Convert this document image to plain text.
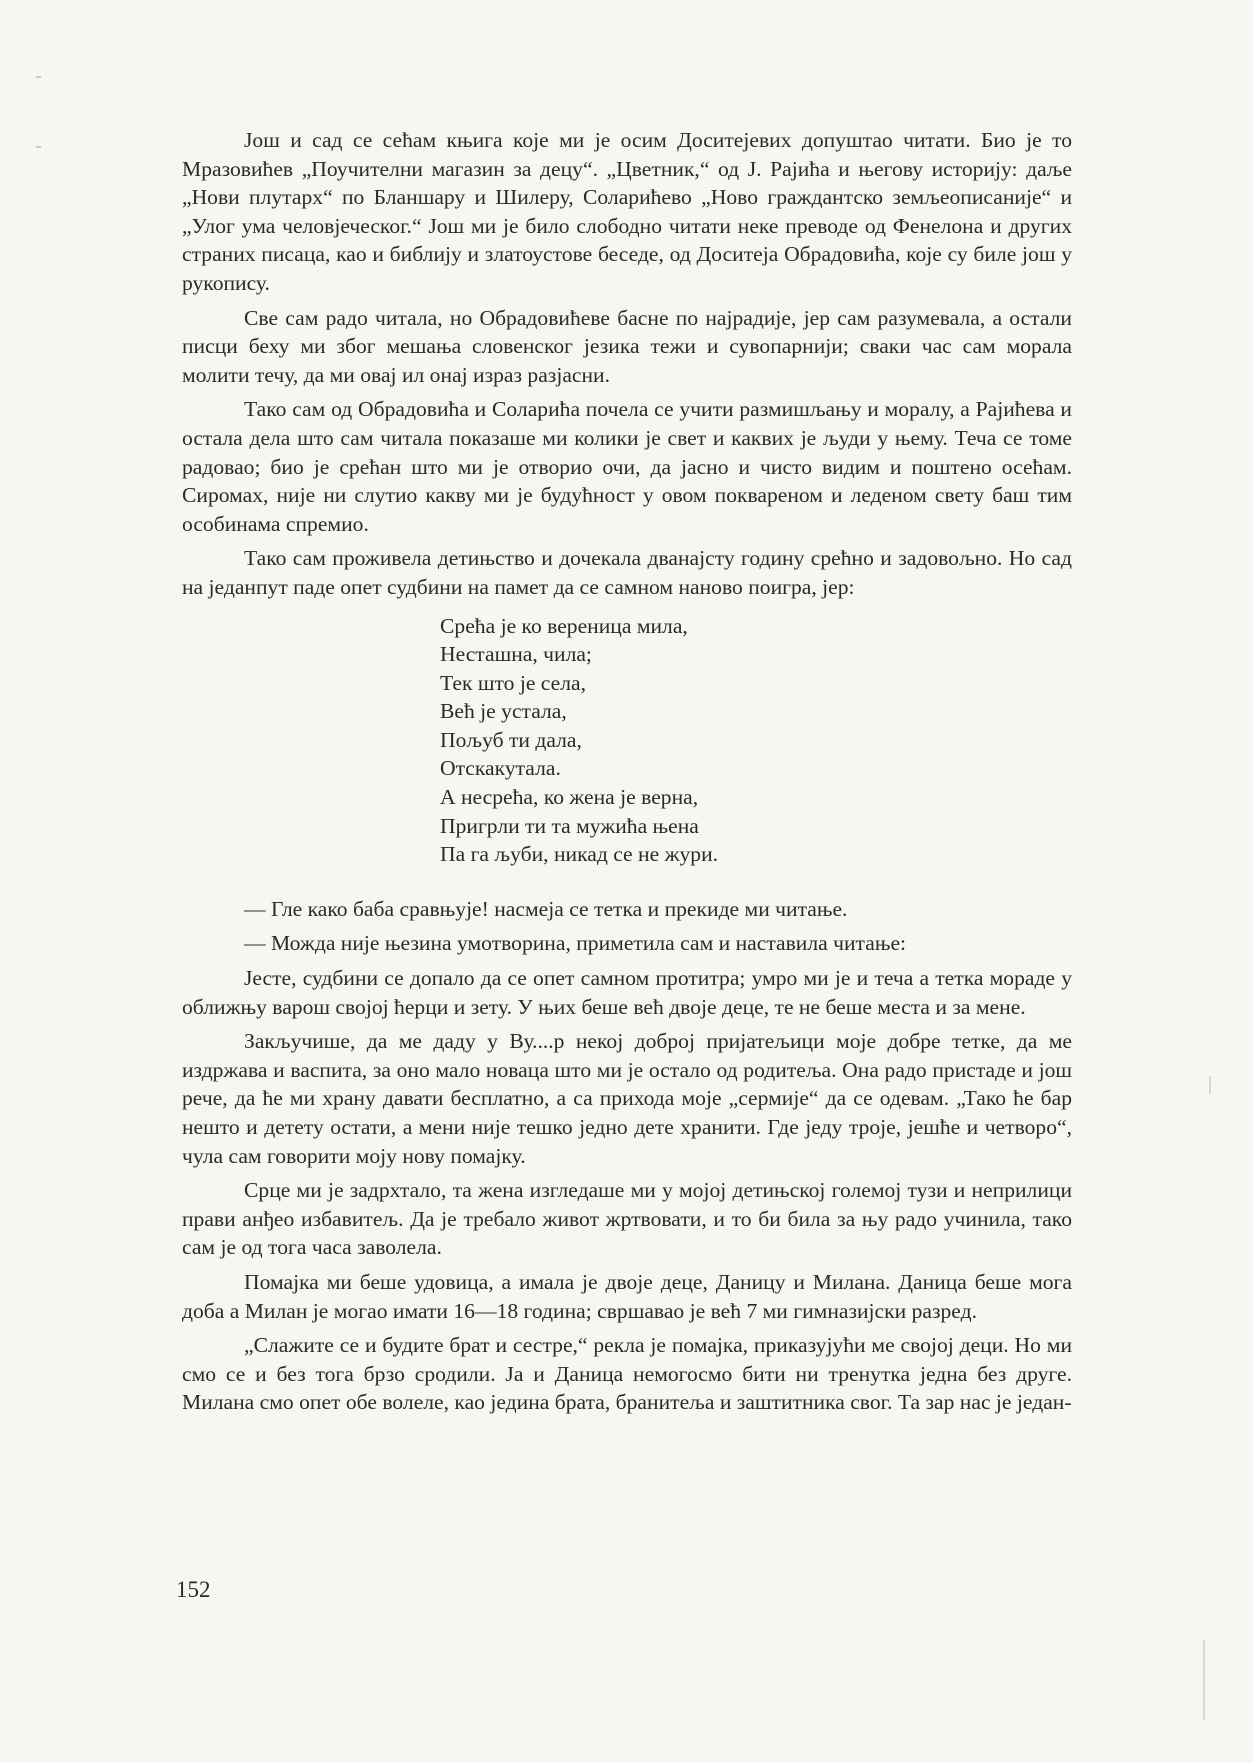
Још и сад се сећам књига које ми је осим Доситејевих допуштао читати. Био је то Мразовићев „Поучителни магазин за децу“. „Цветник,“ од Ј. Рајића и његову историју: даље „Нови плутарх“ по Бланшару и Шилеру, Соларићево „Ново граждантско земљеописаније“ и „Улог ума человјеческог.“ Још ми је било слободно читати неке преводе од Фенелона и других страних писаца, као и библију и златоустове беседе, од Доситеја Обрадовића, које су биле још у рукопису.

Све сам радо читала, но Обрадовићеве басне по најрадије, јер сам разумевала, а остали писци беху ми због мешања словенског језика тежи и сувопарнији; сваки час сам морала молити течу, да ми овај ил онај израз разјасни.

Тако сам од Обрадовића и Соларића почела се учити размишљању и моралу, а Рајићева и остала дела што сам читала показаше ми колики је свет и каквих је људи у њему. Теча се томе радовао; био је срећан што ми је отворио очи, да јасно и чисто видим и поштено осећам. Сиромах, није ни слутио какву ми је будућност у овом поквареном и леденом свету баш тим особинама спремио.

Тако сам проживела детињство и дочекала дванајсту годину срећно и задовољно. Но сад на једанпут паде опет судбини на памет да се самном наново поигра, јер:

Срећа је ко вереница мила,
Несташна, чила;
Тек што је села,
Већ је устала,
Пољуб ти дала,
Отскакутала.
А несрећа, ко жена је верна,
Пригрли ти та мужића њена
Па га љуби, никад се не жури.

— Гле како баба сравњује! насмеја се тетка и прекиде ми читање.

— Можда није њезина умотворина, приметила сам и наставила читање:

Јесте, судбини се допало да се опет самном протитра; умро ми је и теча а тетка мораде у оближњу варош својој ћерци и зету. У њих беше већ двоје деце, те не беше места и за мене.

Закључише, да ме даду у Ву....р некој доброј пријатељици моје добре тетке, да ме издржава и васпита, за оно мало новаца што ми је остало од родитеља. Она радо пристаде и још рече, да ће ми храну давати бесплатно, а са прихода моје „сермије“ да се одевам. „Тако ће бар нешто и детету остати, а мени није тешко једно дете хранити. Где једу троје, јешће и четворо“, чула сам говорити моју нову помајку.

Срце ми је задрхтало, та жена изгледаше ми у мојој детињској големој тузи и неприлици прави анђео избавитељ. Да је требало живот жртвовати, и то би била за њу радо учинила, тако сам је од тога часа заволела.

Помајка ми беше удовица, а имала је двоје деце, Даницу и Милана. Даница беше мога доба а Милан је могао имати 16—18 година; свршавао је већ 7 ми гимназијски разред.

„Слажите се и будите брат и сестре,“ рекла је помајка, приказујући ме својој деци. Но ми смо се и без тога брзо сродили. Ја и Даница немогосмо бити ни тренутка једна без друге. Милана смо опет обе волеле, као једина брата, бранитеља и заштитника свог. Та зар нас је један-

152
